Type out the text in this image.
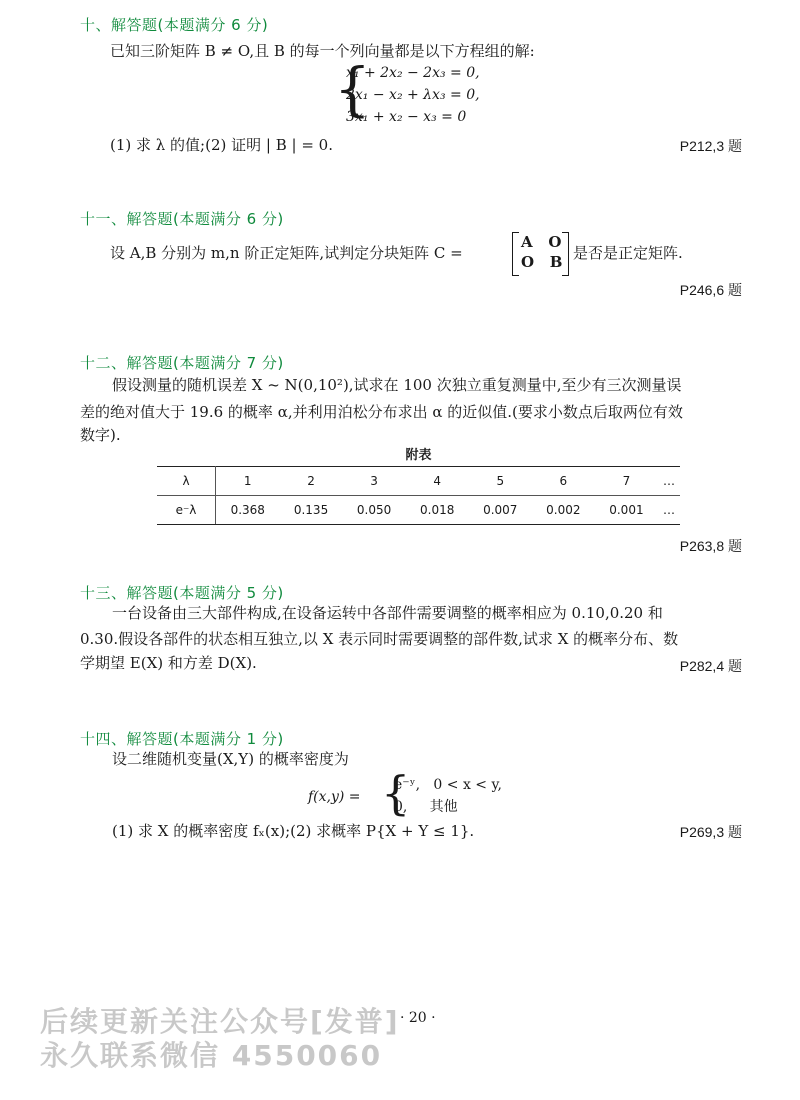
十、解答题(本题满分 6 分)
已知三阶矩阵 B ≠ O,且 B 的每一个列向量都是以下方程组的解:
{
x₁ + 2x₂ − 2x₃ = 0,
2x₁ − x₂ + λx₃ = 0,
3x₁ + x₂ − x₃ = 0
(1) 求 λ 的值;(2) 证明 | B | = 0.	P212,3 题
十一、解答题(本题满分 6 分)
设 A,B 分别为 m,n 阶正定矩阵,试判定分块矩阵 C =
A O
O B 是否是正定矩阵.
P246,6 题
十二、解答题(本题满分 7 分)
假设测量的随机误差 X ~ N(0,10²),试求在 100 次独立重复测量中,至少有三次测量误
差的绝对值大于 19.6 的概率 α,并利用泊松分布求出 α 的近似值.(要求小数点后取两位有效
数字).
附表
λ	1	2	3	4	5	6	7	…
e⁻λ	0.368	0.135	0.050	0.018	0.007	0.002	0.001	…
P263,8 题
十三、解答题(本题满分 5 分)
一台设备由三大部件构成,在设备运转中各部件需要调整的概率相应为 0.10,0.20 和
0.30.假设各部件的状态相互独立,以 X 表示同时需要调整的部件数,试求 X 的概率分布、数
学期望 E(X) 和方差 D(X).	P282,4 题
十四、解答题(本题满分 1 分)
设二维随机变量(X,Y) 的概率密度为
f(x,y) = {
e⁻ʸ,   0 < x < y,
0,     其他
(1) 求 X 的概率密度 fₓ(x);(2) 求概率 P{X + Y ≤ 1}.	P269,3 题
后续更新关注公众号[发普]
永久联系微信 4550060
· 20 ·
